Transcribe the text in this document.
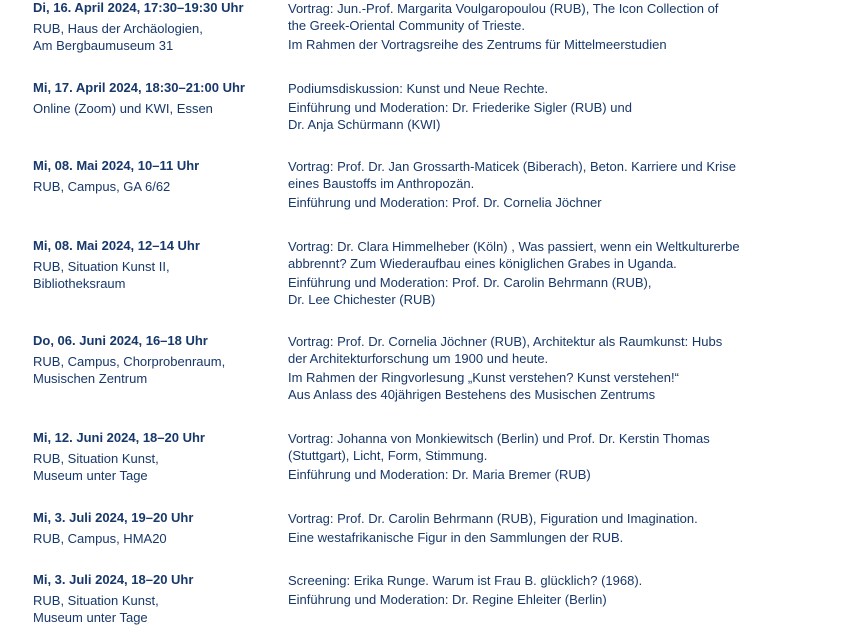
Di, 16. April 2024, 17:30–19:30 Uhr
RUB, Haus der Archäologien,
Am Bergbaumuseum 31
Vortrag: Jun.-Prof. Margarita Voulgaropoulou (RUB), The Icon Collection of
the Greek-Oriental Community of Trieste.
Im Rahmen der Vortragsreihe des Zentrums für Mittelmeerstudien
Mi, 17. April 2024, 18:30–21:00 Uhr
Online (Zoom) und KWI, Essen
Podiumsdiskussion: Kunst und Neue Rechte.
Einführung und Moderation: Dr. Friederike Sigler (RUB) und
Dr. Anja Schürmann (KWI)
Mi, 08. Mai 2024, 10–11 Uhr
RUB, Campus, GA 6/62
Vortrag: Prof. Dr. Jan Grossarth-Maticek (Biberach), Beton. Karriere und Krise
eines Baustoffs im Anthropozän.
Einführung und Moderation: Prof. Dr. Cornelia Jöchner
Mi, 08. Mai 2024, 12–14 Uhr
RUB, Situation Kunst II,
Bibliotheksraum
Vortrag: Dr. Clara Himmelheber (Köln) , Was passiert, wenn ein Weltkulturerbe
abbrennt? Zum Wiederaufbau eines königlichen Grabes in Uganda.
Einführung und Moderation: Prof. Dr. Carolin Behrmann (RUB),
Dr. Lee Chichester (RUB)
Do, 06. Juni 2024, 16–18 Uhr
RUB, Campus, Chorprobenraum,
Musischen Zentrum
Vortrag: Prof. Dr. Cornelia Jöchner (RUB), Architektur als Raumkunst: Hubs
der Architekturforschung um 1900 und heute.
Im Rahmen der Ringvorlesung „Kunst verstehen? Kunst verstehen!“
Aus Anlass des 40jährigen Bestehens des Musischen Zentrums
Mi, 12. Juni 2024, 18–20 Uhr
RUB, Situation Kunst,
Museum unter Tage
Vortrag: Johanna von Monkiewitsch (Berlin) und Prof. Dr. Kerstin Thomas
(Stuttgart), Licht, Form, Stimmung.
Einführung und Moderation: Dr. Maria Bremer (RUB)
Mi, 3. Juli 2024, 19–20 Uhr
RUB, Campus, HMA20
Vortrag: Prof. Dr. Carolin Behrmann (RUB), Figuration und Imagination.
Eine westafrikanische Figur in den Sammlungen der RUB.
Mi, 3. Juli 2024, 18–20 Uhr
RUB, Situation Kunst,
Museum unter Tage
Screening: Erika Runge. Warum ist Frau B. glücklich? (1968).
Einführung und Moderation: Dr. Regine Ehleiter (Berlin)
